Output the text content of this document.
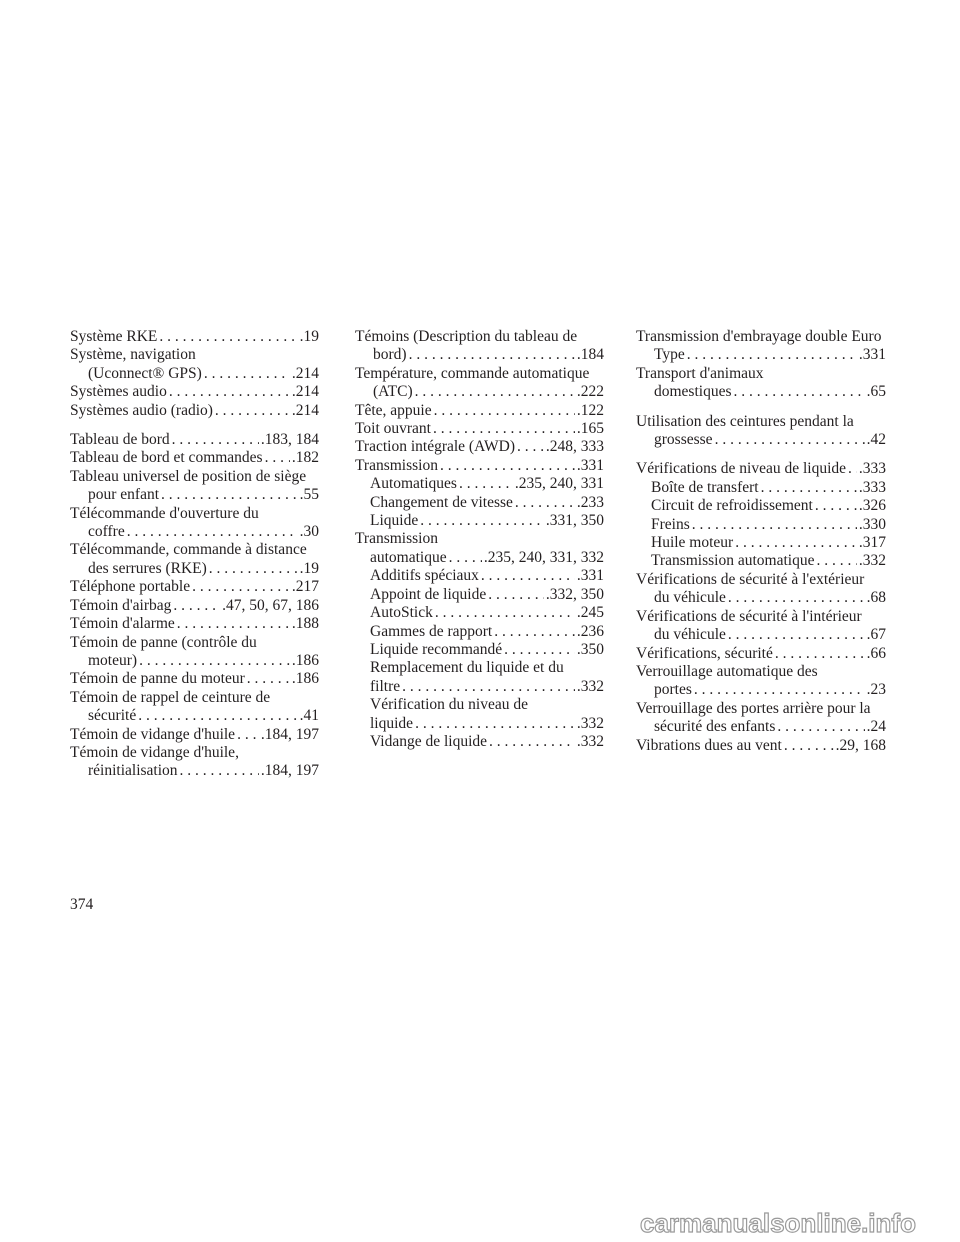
Système RKE . . .	.19
Système, navigation
(Uconnect® GPS) . . .	.214
Systèmes audio . . .	.214
Systèmes audio (radio) . . .	.214
Tableau de bord . . .	.183, 184
Tableau de bord et commandes . . . .182
Tableau universel de position de siège
pour enfant . . .	.55
Télécommande d'ouverture du
coffre . . .	.30
Télécommande, commande à distance
des serrures (RKE) . . .	.19
Téléphone portable . . .	.217
Témoin d'airbag . . .	.47, 50, 67, 186
Témoin d'alarme . . .	.188
Témoin de panne (contrôle du
moteur) . . .	.186
Témoin de panne du moteur . . .	.186
Témoin de rappel de ceinture de
sécurité . . .	.41
Témoin de vidange d'huile . . . .184, 197
Témoin de vidange d'huile,
réinitialisation . . .	.184, 197
Témoins (Description du tableau de
bord) . . .	.184
Température, commande automatique
(ATC) . . .	.222
Tête, appuie . . .	.122
Toit ouvrant . . .	.165
Traction intégrale (AWD) . . . .248, 333
Transmission . . .	.331
Automatiques . . .	.235, 240, 331
Changement de vitesse . . .	.233
Liquide . . .	.331, 350
Transmission
automatique . . . .235, 240, 331, 332
Additifs spéciaux . . .	.331
Appoint de liquide . . .	.332, 350
AutoStick . . .	.245
Gammes de rapport . . .	.236
Liquide recommandé . . .	.350
Remplacement du liquide et du
filtre . . .	.332
Vérification du niveau de
liquide . . .	.332
Vidange de liquide . . .	.332
Transmission d'embrayage double Euro
Type . . .	.331
Transport d'animaux
domestiques . . .	.65
Utilisation des ceintures pendant la
grossesse . . .	.42
Vérifications de niveau de liquide . . . .333
Boîte de transfert . . .	.333
Circuit de refroidissement . . .	.326
Freins . . .	.330
Huile moteur . . .	.317
Transmission automatique . . .	.332
Vérifications de sécurité à l'extérieur
du véhicule . . .	.68
Vérifications de sécurité à l'intérieur
du véhicule . . .	.67
Vérifications, sécurité . . .	.66
Verrouillage automatique des
portes . . .	.23
Verrouillage des portes arrière pour la
sécurité des enfants . . .	.24
Vibrations dues au vent . . .	.29, 168
374
carmanualsonline.info
